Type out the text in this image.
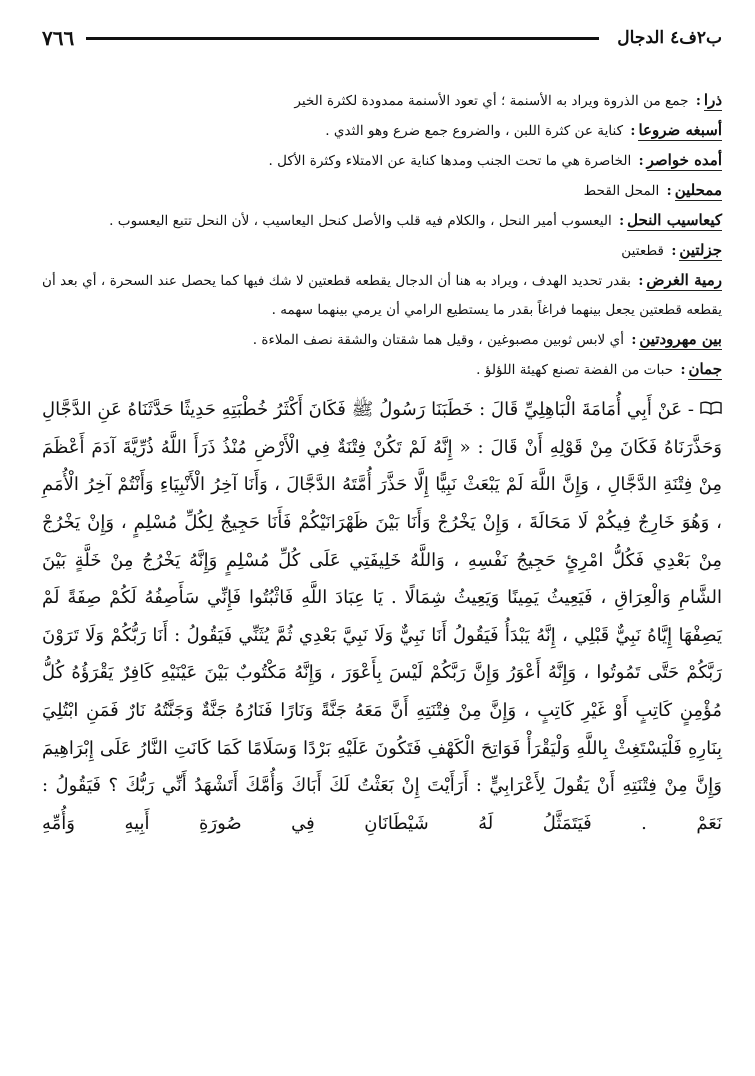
ب٢ف٤ الدجال
٧٦٦
ذرا: جمع من الذروة ويراد به الأسنمة ؛ أي تعود الأسنمة ممدودة لكثرة الخير
أسبغه ضروعا: كناية عن كثرة اللبن ، والضروع جمع ضرع وهو الثدي .
أمده خواصر: الخاصرة هي ما تحت الجنب ومدها كناية عن الامتلاء وكثرة الأكل .
ممحلين: المحل القحط
كيعاسيب النحل: اليعسوب أمير النحل ، والكلام فيه قلب والأصل كنحل اليعاسيب ، لأن النحل تتبع اليعسوب .
جزلتين: قطعتين
رمية الغرض: بقدر تحديد الهدف ، ويراد به هنا أن الدجال يقطعه قطعتين لا شك فيها كما يحصل عند السحرة ، أي بعد أن يقطعه قطعتين يجعل بينهما فراغاً بقدر ما يستطيع الرامي أن يرمي بينهما سهمه .
بين مهرودتين: أي لابس ثوبين مصبوغين ، وقيل هما شقتان والشقة نصف الملاءة .
جمان: حبات من الفضة تصنع كهيئة اللؤلؤ .
- عَنْ أَبِي أُمَامَةَ الْبَاهِلِيِّ قَالَ : خَطَبَنَا رَسُولُ ﷺ فَكَانَ أَكْثَرُ خُطْبَتِهِ حَدِيثًا حَدَّثَنَاهُ عَنِ الدَّجَّالِ وَحَذَّرَنَاهُ فَكَانَ مِنْ قَوْلِهِ أَنْ قَالَ : « إِنَّهُ لَمْ تَكُنْ فِتْنَةٌ فِي الْأَرْضِ مُنْذُ ذَرَأَ اللَّهُ ذُرِّيَّةَ آدَمَ أَعْظَمَ مِنْ فِتْنَةِ الدَّجَّالِ ، وَإِنَّ اللَّهَ لَمْ يَبْعَثْ نَبِيًّا إِلَّا حَذَّرَ أُمَّتَهُ الدَّجَّالَ ، وَأَنَا آخِرُ الْأَنْبِيَاءِ وَأَنْتُمْ آخِرُ الْأُمَمِ ، وَهُوَ خَارِجٌ فِيكُمْ لَا مَحَالَةَ ، وَإِنْ يَخْرُجْ وَأَنَا بَيْنَ ظَهْرَانَيْكُمْ فَأَنَا حَجِيجٌ لِكُلِّ مُسْلِمٍ ، وَإِنْ يَخْرُجْ مِنْ بَعْدِي فَكُلُّ امْرِئٍ حَجِيجُ نَفْسِهِ ، وَاللَّهُ خَلِيفَتِي عَلَى كُلِّ مُسْلِمٍ وَإِنَّهُ يَخْرُجُ مِنْ خَلَّةٍ بَيْنَ الشَّامِ وَالْعِرَاقِ ، فَيَعِيثُ يَمِينًا وَيَعِيثُ شِمَالًا . يَا عِبَادَ اللَّهِ فَاثْبُتُوا فَإِنِّي سَأَصِفُهُ لَكُمْ صِفَةً لَمْ يَصِفْهَا إِيَّاهُ نَبِيٌّ قَبْلِي ، إِنَّهُ يَبْدَأُ فَيَقُولُ أَنَا نَبِيٌّ وَلَا نَبِيَّ بَعْدِي ثُمَّ يُثَنِّي فَيَقُولُ : أَنَا رَبُّكُمْ وَلَا تَرَوْنَ رَبَّكُمْ حَتَّى تَمُوتُوا ، وَإِنَّهُ أَعْوَرُ وَإِنَّ رَبَّكُمْ لَيْسَ بِأَعْوَرَ ، وَإِنَّهُ مَكْتُوبٌ بَيْنَ عَيْنَيْهِ كَافِرٌ يَقْرَؤُهُ كُلُّ مُؤْمِنٍ كَاتِبٍ أَوْ غَيْرِ كَاتِبٍ ، وَإِنَّ مِنْ فِتْنَتِهِ أَنَّ مَعَهُ جَنَّةً وَنَارًا فَنَارُهُ جَنَّةٌ وَجَنَّتُهُ نَارٌ فَمَنِ ابْتُلِيَ بِنَارِهِ فَلْيَسْتَغِثْ بِاللَّهِ وَلْيَقْرَأْ فَوَاتِحَ الْكَهْفِ فَتَكُونَ عَلَيْهِ بَرْدًا وَسَلَامًا كَمَا كَانَتِ النَّارُ عَلَى إِبْرَاهِيمَ وَإِنَّ مِنْ فِتْنَتِهِ أَنْ يَقُولَ لِأَعْرَابِيٍّ : أَرَأَيْتَ إِنْ بَعَثْتُ لَكَ أَبَاكَ وَأُمَّكَ أَتَشْهَدُ أَنِّي رَبُّكَ ؟ فَيَقُولُ : نَعَمْ . فَيَتَمَثَّلُ لَهُ شَيْطَانَانِ فِي صُورَةِ أَبِيهِ وَأُمِّهِ
